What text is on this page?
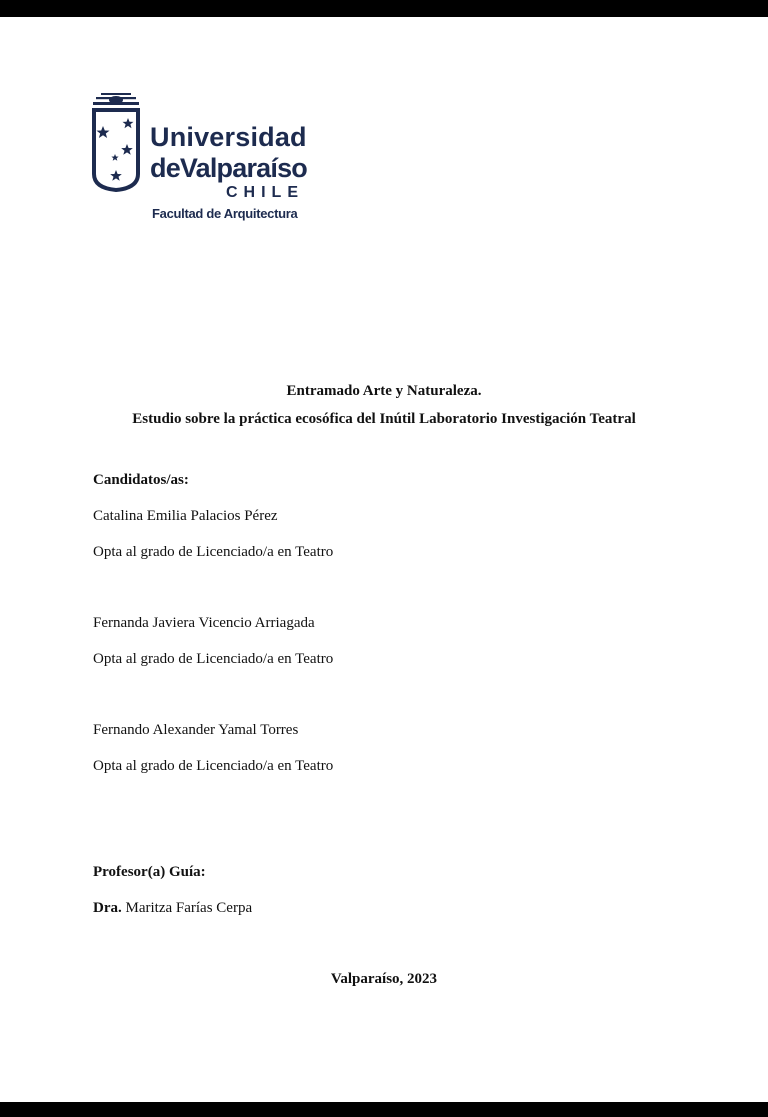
Universidad
deValparaíso
CHILE
Facultad de Arquitectura
Entramado Arte y Naturaleza.
Estudio sobre la práctica ecosófica del Inútil Laboratorio Investigación Teatral
Candidatos/as:
Catalina Emilia Palacios Pérez
Opta al grado de Licenciado/a en Teatro
Fernanda Javiera Vicencio Arriagada
Opta al grado de Licenciado/a en Teatro
Fernando Alexander Yamal Torres
Opta al grado de Licenciado/a en Teatro
Profesor(a) Guía:
Dra. Maritza Farías Cerpa
Valparaíso, 2023
